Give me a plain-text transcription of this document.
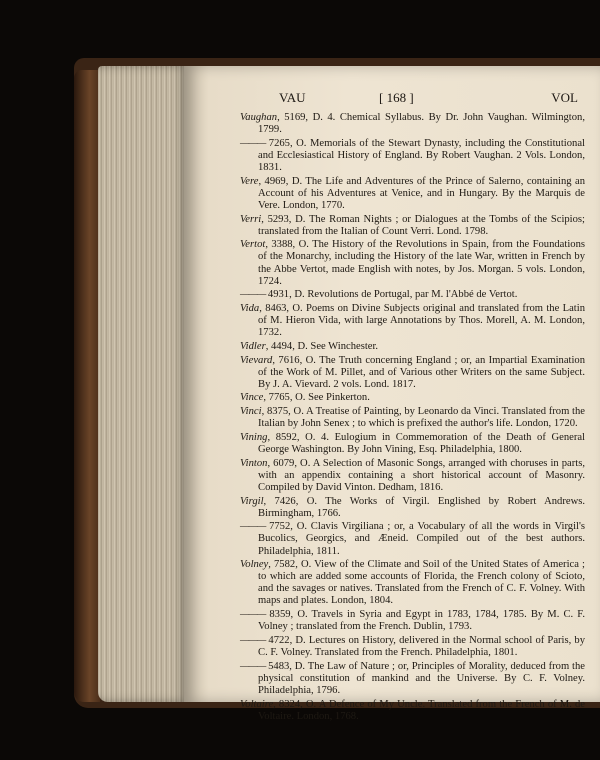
VAU	[ 168 ]	VOL

Vaughan, 5169, D. 4. Chemical Syllabus. By Dr. John Vaughan. Wilmington, 1799.

——— 7265, O. Memorials of the Stewart Dynasty, including the Constitutional and Ecclesiastical History of England. By Robert Vaughan. 2 Vols. London, 1831.

Vere, 4969, D. The Life and Adventures of the Prince of Salerno, containing an Account of his Adventures at Venice, and in Hungary. By the Marquis de Vere. London, 1770.

Verri, 5293, D. The Roman Nights ; or Dialogues at the Tombs of the Scipios; translated from the Italian of Count Verri. Lond. 1798.

Vertot, 3388, O. The History of the Revolutions in Spain, from the Foundations of the Monarchy, including the History of the late War, written in French by the Abbe Vertot, made English with notes, by Jos. Morgan. 5 vols. London, 1724.

——— 4931, D. Revolutions de Portugal, par M. l'Abbé de Vertot.

Vida, 8463, O. Poems on Divine Subjects original and translated from the Latin of M. Hieron Vida, with large Annotations by Thos. Morell, A. M. London, 1732.

Vidler, 4494, D. See Winchester.

Vievard, 7616, O. The Truth concerning England ; or, an Impartial Examination of the Work of M. Pillet, and of Various other Writers on the same Subject. By J. A. Vievard. 2 vols. Lond. 1817.

Vince, 7765, O. See Pinkerton.

Vinci, 8375, O. A Treatise of Painting, by Leonardo da Vinci. Translated from the Italian by John Senex ; to which is prefixed the author's life. London, 1720.

Vining, 8592, O. 4. Eulogium in Commemoration of the Death of General George Washington. By John Vining, Esq. Philadelphia, 1800.

Vinton, 6079, O. A Selection of Masonic Songs, arranged with choruses in parts, with an appendix containing a short historical account of Masonry. Compiled by David Vinton. Dedham, 1816.

Virgil, 7426, O. The Works of Virgil. Englished by Robert Andrews. Birmingham, 1766.

——— 7752, O. Clavis Virgiliana ; or, a Vocabulary of all the words in Virgil's Bucolics, Georgics, and Æneid. Compiled out of the best authors. Philadelphia, 1811.

Volney, 7582, O. View of the Climate and Soil of the United States of America ; to which are added some accounts of Florida, the French colony of Scioto, and the savages or natives. Translated from the French of C. F. Volney. With maps and plates. London, 1804.

——— 8359, O. Travels in Syria and Egypt in 1783, 1784, 1785. By M. C. F. Volney ; translated from the French. Dublin, 1793.

——— 4722, D. Lectures on History, delivered in the Normal school of Paris, by C. F. Volney. Translated from the French. Philadelphia, 1801.

——— 5483, D. The Law of Nature ; or, Principles of Morality, deduced from the physical constitution of mankind and the Universe. By C. F. Volney. Philadelphia, 1796.

Voltaire, 8324, O. A Defence of My Uncle. Translated from the French of M. de Voltaire. London, 1768.
